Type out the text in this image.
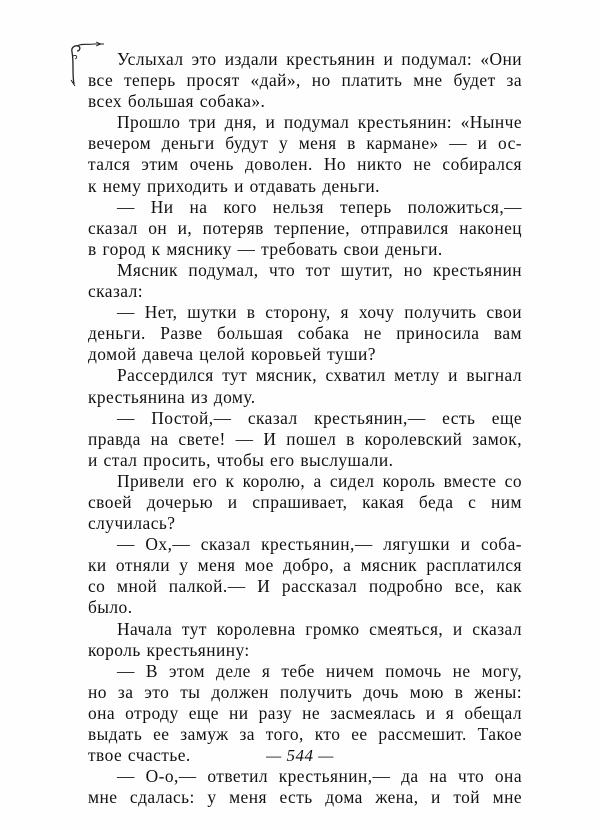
Услыхал это издали крестьянин и подумал: «Они
все теперь просят «дай», но платить мне будет за
всех большая собака».
Прошло три дня, и подумал крестьянин: «Нынче
вечером деньги будут у меня в кармане» — и ос-
тался этим очень доволен. Но никто не собирался
к нему приходить и отдавать деньги.
— Ни на кого нельзя теперь положиться,—
сказал он и, потеряв терпение, отправился наконец
в город к мяснику — требовать свои деньги.
Мясник подумал, что тот шутит, но крестьянин
сказал:
— Нет, шутки в сторону, я хочу получить свои
деньги. Разве большая собака не приносила вам
домой давеча целой коровьей туши?
Рассердился тут мясник, схватил метлу и выгнал
крестьянина из дому.
— Постой,— сказал крестьянин,— есть еще
правда на свете! — И пошел в королевский замок,
и стал просить, чтобы его выслушали.
Привели его к королю, а сидел король вместе со
своей дочерью и спрашивает, какая беда с ним
случилась?
— Ох,— сказал крестьянин,— лягушки и соба-
ки отняли у меня мое добро, а мясник расплатился
со мной палкой.— И рассказал подробно все, как
было.
Начала тут королевна громко смеяться, и сказал
король крестьянину:
— В этом деле я тебе ничем помочь не могу,
но за это ты должен получить дочь мою в жены:
она отроду еще ни разу не засмеялась и я обещал
выдать ее замуж за того, кто ее рассмешит. Такое
твое счастье.
— О-о,— ответил крестьянин,— да на что она
мне сдалась: у меня есть дома жена, и той мне
— 544 —
